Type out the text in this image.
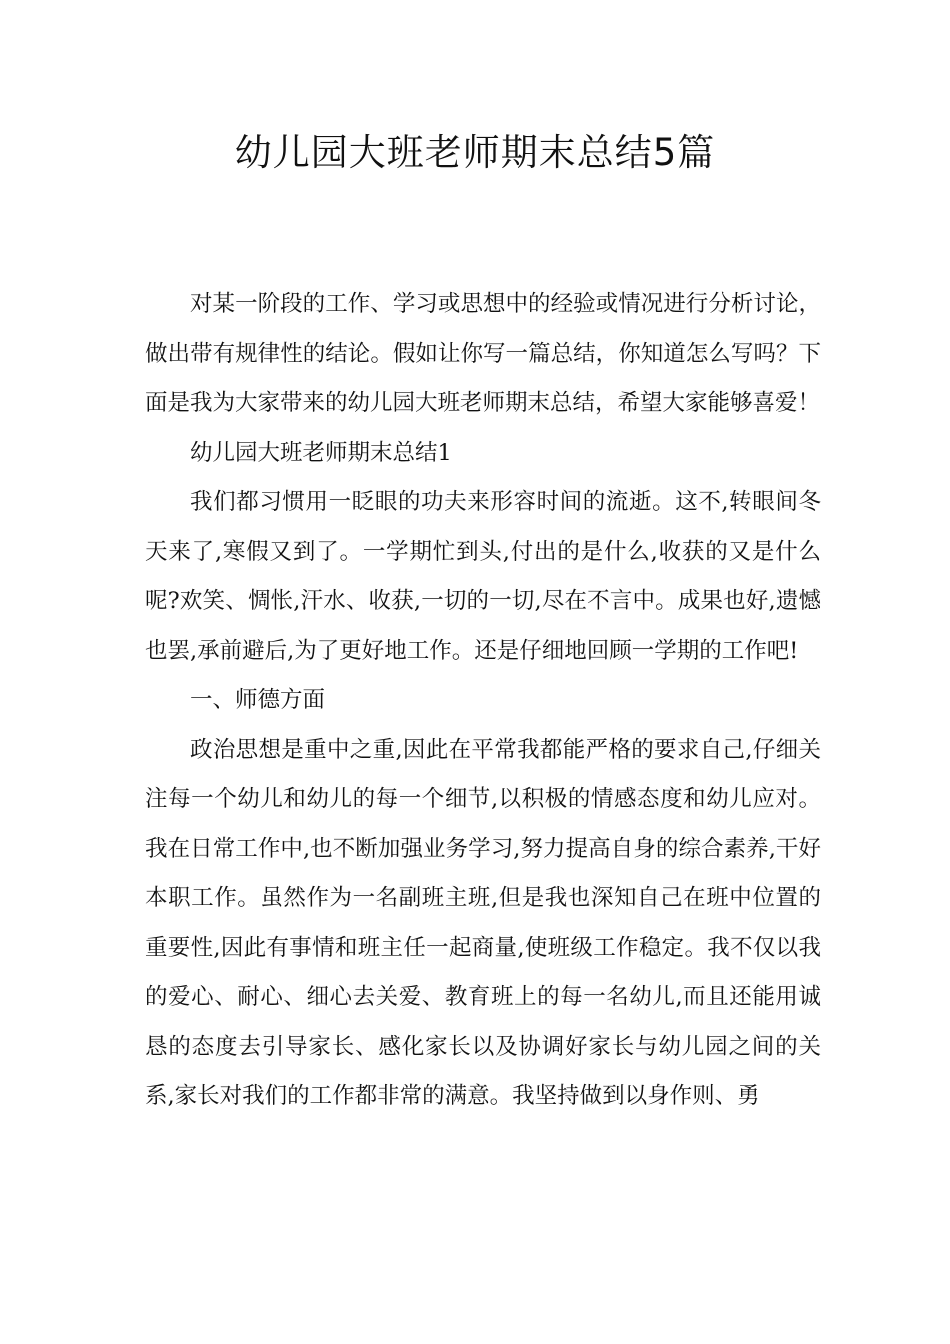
幼儿园大班老师期末总结5篇

对某一阶段的工作、学习或思想中的经验或情况进行分析讨论，做出带有规律性的结论。假如让你写一篇总结，你知道怎么写吗？下面是我为大家带来的幼儿园大班老师期末总结，希望大家能够喜爱！

幼儿园大班老师期末总结1

我们都习惯用一眨眼的功夫来形容时间的流逝。这不,转眼间冬天来了,寒假又到了。一学期忙到头,付出的是什么,收获的又是什么呢?欢笑、惆怅,汗水、收获,一切的一切,尽在不言中。成果也好,遗憾也罢,承前避后,为了更好地工作。还是仔细地回顾一学期的工作吧!

一、师德方面

政治思想是重中之重,因此在平常我都能严格的要求自己,仔细关注每一个幼儿和幼儿的每一个细节,以积极的情感态度和幼儿应对。我在日常工作中,也不断加强业务学习,努力提高自身的综合素养,干好本职工作。虽然作为一名副班主班,但是我也深知自己在班中位置的重要性,因此有事情和班主任一起商量,使班级工作稳定。我不仅以我的爱心、耐心、细心去关爱、教育班上的每一名幼儿,而且还能用诚恳的态度去引导家长、感化家长以及协调好家长与幼儿园之间的关系,家长对我们的工作都非常的满意。我坚持做到以身作则、勇
